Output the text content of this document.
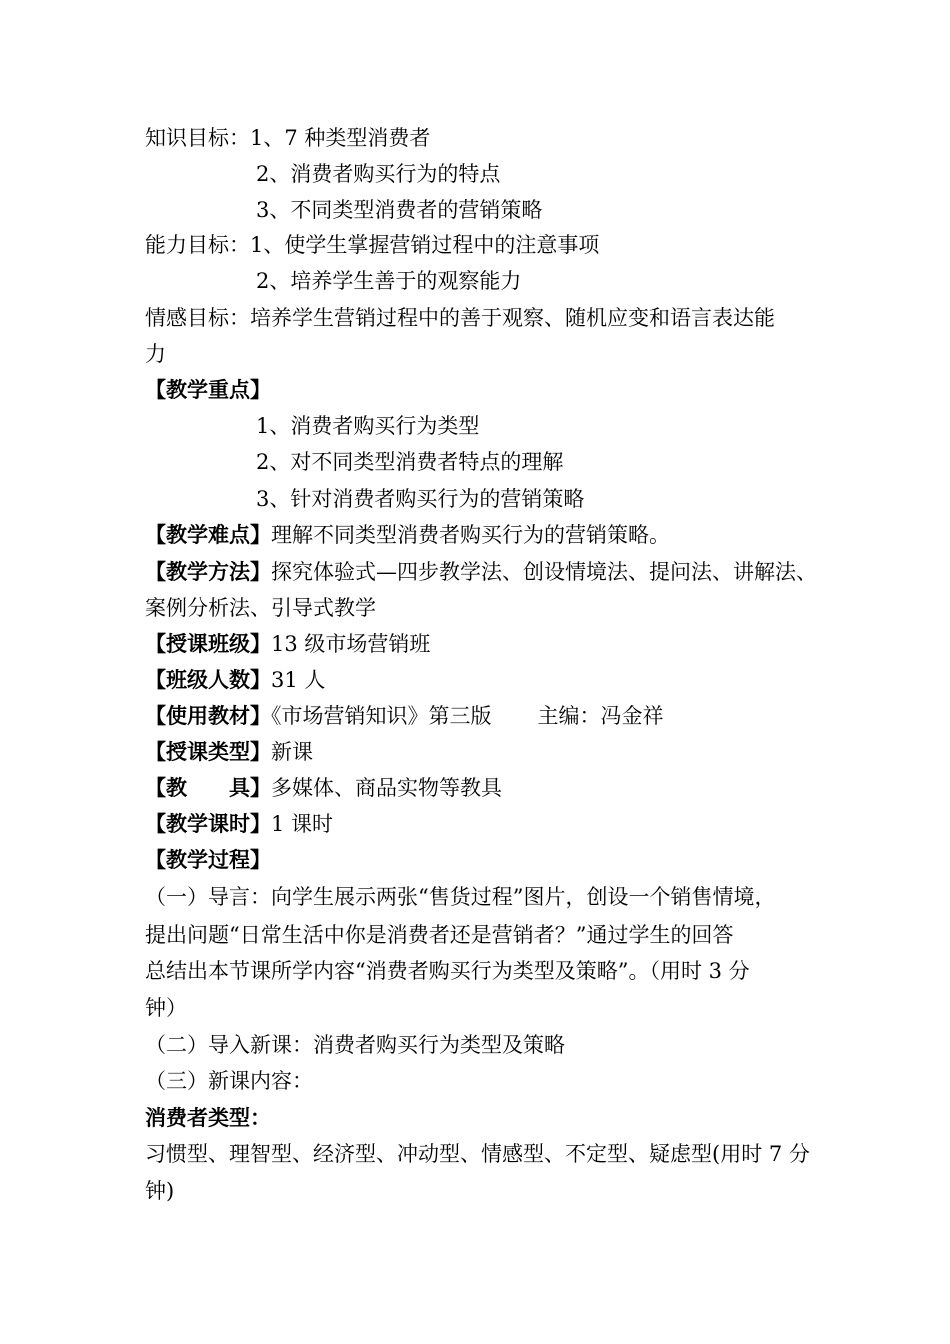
知识目标：1、7 种类型消费者
2、消费者购买行为的特点
3、不同类型消费者的营销策略
能力目标：1、使学生掌握营销过程中的注意事项
2、培养学生善于的观察能力
情感目标：培养学生营销过程中的善于观察、随机应变和语言表达能
力
【教学重点】
1、消费者购买行为类型
2、对不同类型消费者特点的理解
3、针对消费者购买行为的营销策略
【教学难点】理解不同类型消费者购买行为的营销策略。
【教学方法】探究体验式—四步教学法、创设情境法、提问法、讲解法、
案例分析法、引导式教学
【授课班级】13 级市场营销班
【班级人数】31 人
【使用教材】《市场营销知识》第三版 主编：冯金祥
【授课类型】新课
【教　　具】多媒体、商品实物等教具
【教学课时】1 课时
【教学过程】
（一）导言：向学生展示两张“售货过程”图片，创设一个销售情境，
提出问题“日常生活中你是消费者还是营销者？”通过学生的回答
总结出本节课所学内容“消费者购买行为类型及策略”。（用时 3 分
钟）
（二）导入新课：消费者购买行为类型及策略
（三）新课内容：
消费者类型：
习惯型、理智型、经济型、冲动型、情感型、不定型、疑虑型(用时 7 分
钟)
